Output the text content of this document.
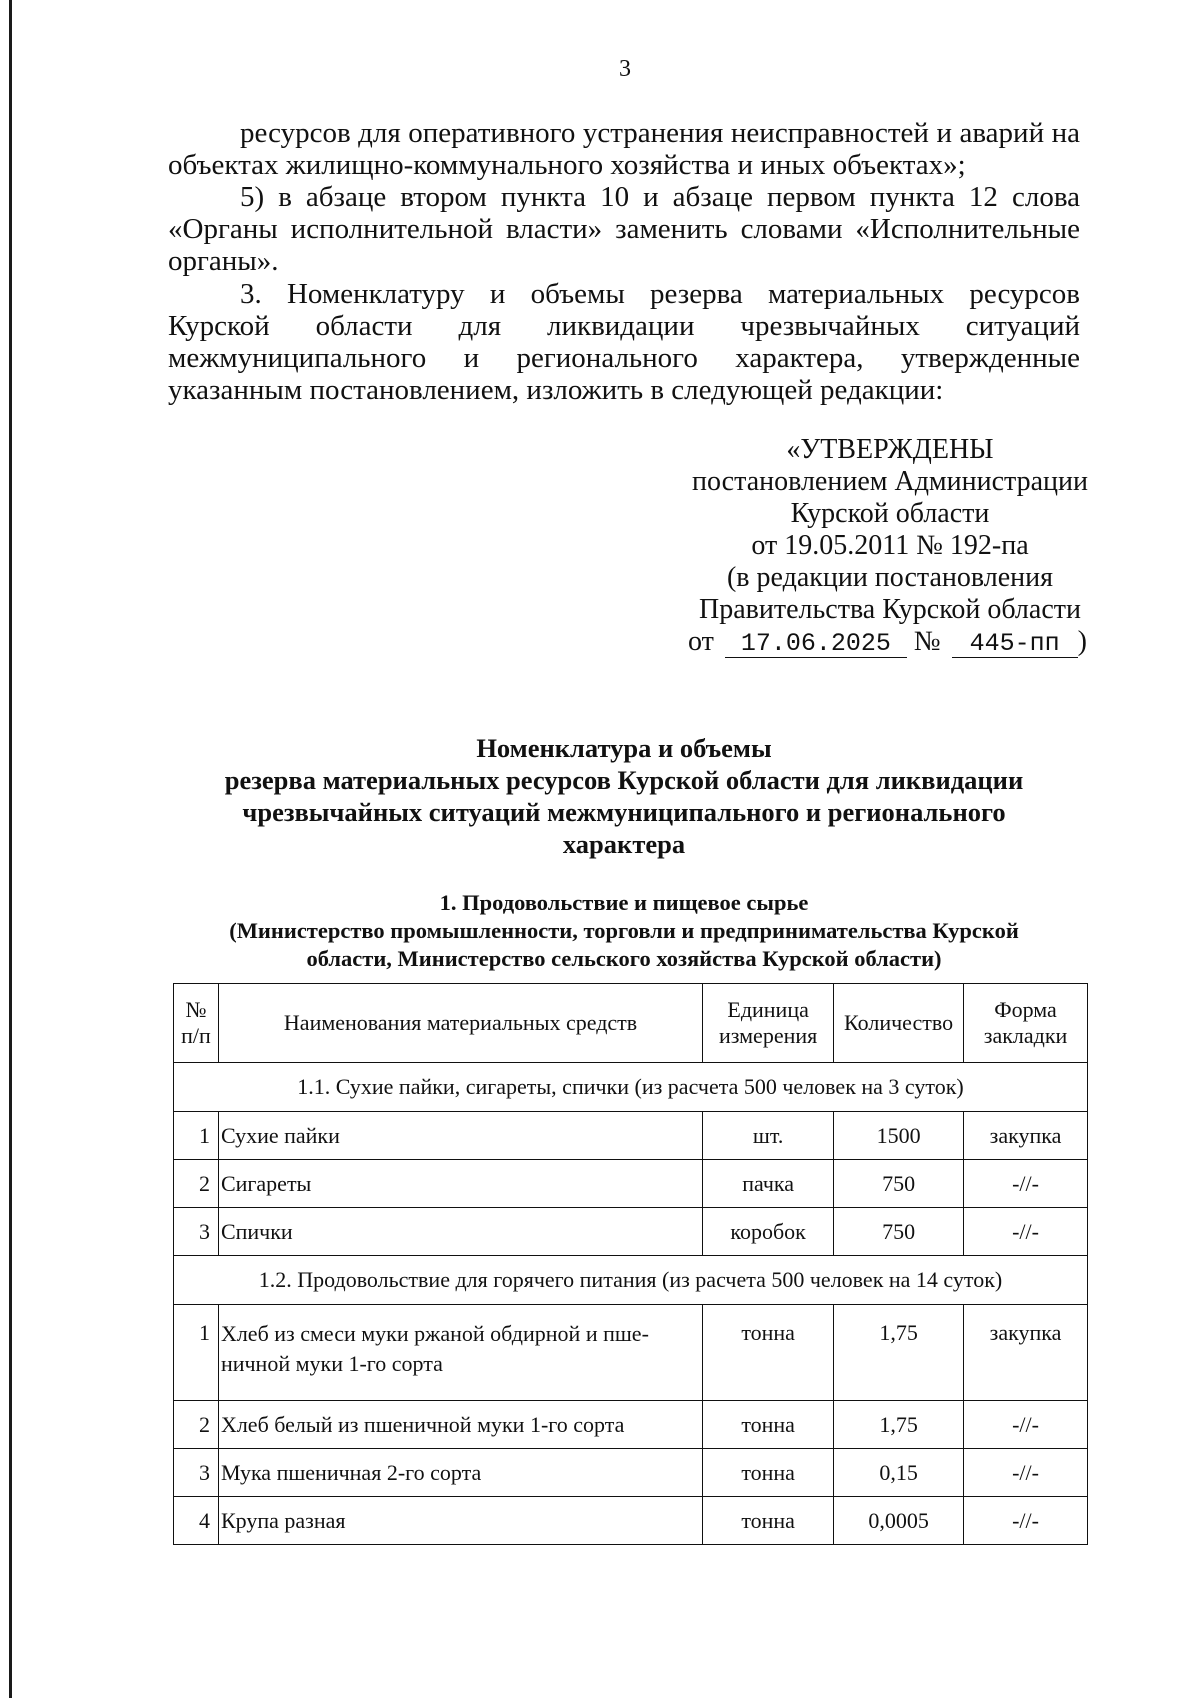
3

ресурсов для оперативного устранения неисправностей и аварий на объектах жилищно-коммунального хозяйства и иных объектах»;

5) в абзаце втором пункта 10 и абзаце первом пункта 12 слова «Органы исполнительной власти» заменить словами «Исполнительные органы».

3. Номенклатуру и объемы резерва материальных ресурсов Курской области для ликвидации чрезвычайных ситуаций межмуниципального и регионального характера, утвержденные указанным постановлением, изложить в следующей редакции:

«УТВЕРЖДЕНЫ
постановлением Администрации
Курской области
от 19.05.2011 № 192-па
(в редакции постановления
Правительства Курской области
от 17.06.2025 № 445-пп )
Номенклатура и объемы
резерва материальных ресурсов Курской области для ликвидации
чрезвычайных ситуаций межмуниципального и регионального
характера
1. Продовольствие и пищевое сырье
(Министерство промышленности, торговли и предпринимательства Курской
области, Министерство сельского хозяйства Курской области)
№ п/п	Наименования материальных средств	Единица измерения	Количество	Форма закладки
1.1. Сухие пайки, сигареты, спички (из расчета 500 человек на 3 суток)				
1	Сухие пайки	шт.	1500	закупка
2	Сигареты	пачка	750	-//-
3	Спички	коробок	750	-//-
1.2. Продовольствие для горячего питания (из расчета 500 человек на 14 суток)				
1	Хлеб из смеси муки ржаной обдирной и пше-
ничной муки 1-го сорта	тонна	1,75	закупка
2	Хлеб белый из пшеничной муки 1-го сорта	тонна	1,75	-//-
3	Мука пшеничная 2-го сорта	тонна	0,15	-//-
4	Крупа разная	тонна	0,0005	-//-
